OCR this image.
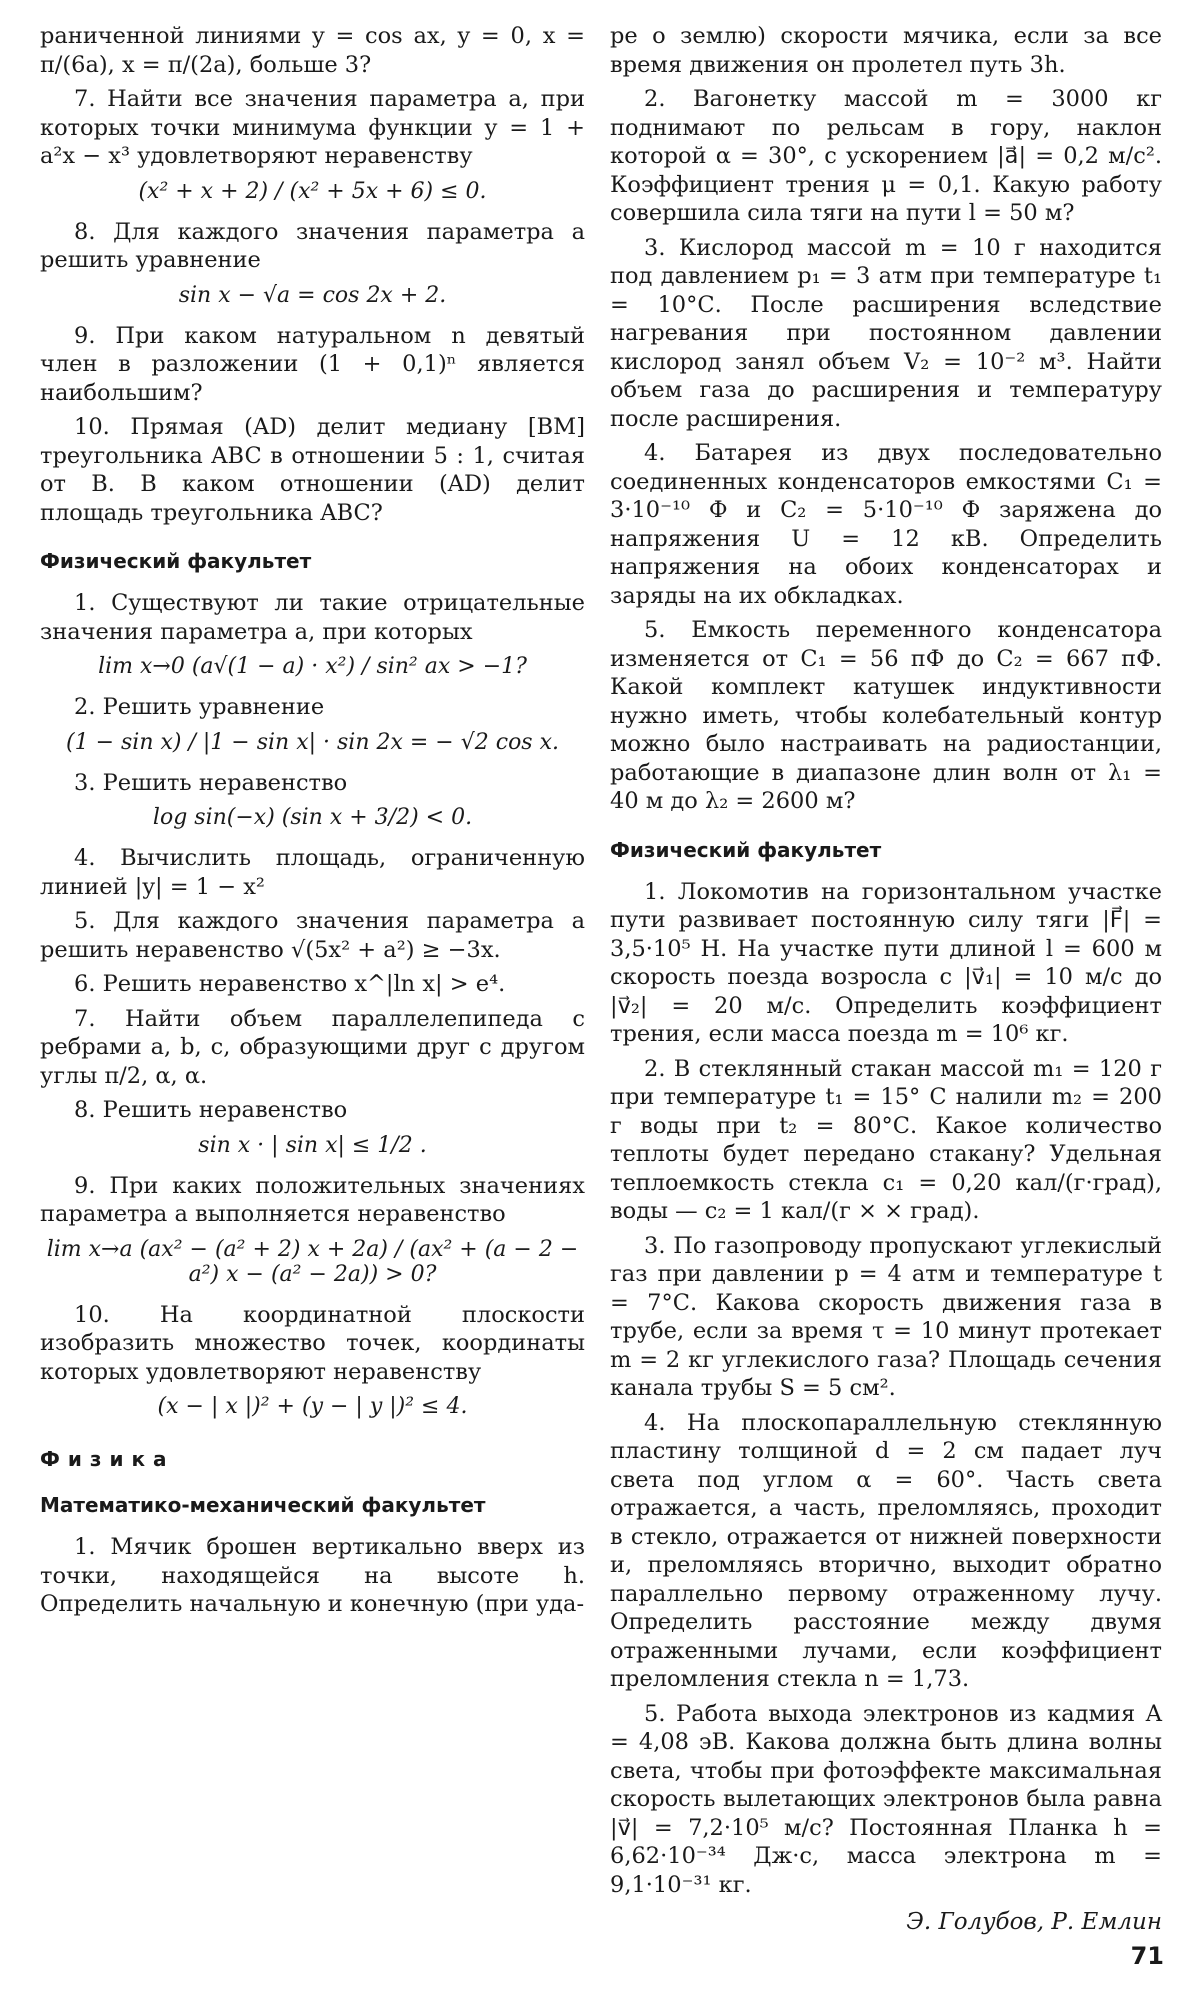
раниченной линиями y = cos ax, y = 0, x = π/(6a), x = π/(2a), больше 3?

7. Найти все значения параметра a, при которых точки минимума функции y = 1 + a²x − x³ удовлетворяют неравенству

(x² + x + 2) / (x² + 5x + 6) ≤ 0.

8. Для каждого значения параметра a решить уравнение

sin x − √a = cos 2x + 2.

9. При каком натуральном n девятый член в разложении (1 + 0,1)ⁿ является наибольшим?

10. Прямая (AD) делит медиану [BM] треугольника ABC в отношении 5 : 1, считая от B. В каком отношении (AD) делит площадь треугольника ABC?

Физический факультет

1. Существуют ли такие отрицательные значения параметра a, при которых

lim x→0 (a√(1 − a) · x²) / sin² ax > −1?

2. Решить уравнение

(1 − sin x) / |1 − sin x| · sin 2x = − √2 cos x.

3. Решить неравенство

log sin(−x) (sin x + 3/2) < 0.

4. Вычислить площадь, ограниченную линией |y| = 1 − x²

5. Для каждого значения параметра a решить неравенство √(5x² + a²) ≥ −3x.

6. Решить неравенство x^|ln x| > e⁴.

7. Найти объем параллелепипеда с ребрами a, b, c, образующими друг с другом углы π/2, α, α.

8. Решить неравенство

sin x · | sin x| ≤ 1/2 .

9. При каких положительных значениях параметра a выполняется неравенство

lim x→a (ax² − (a² + 2) x + 2a) / (ax² + (a − 2 − a²) x − (a² − 2a)) > 0?

10. На координатной плоскости изобразить множество точек, координаты которых удовлетворяют неравенству

(x − | x |)² + (y − | y |)² ≤ 4.
Физика
Математико-механический факультет

1. Мячик брошен вертикально вверх из точки, находящейся на высоте h. Определить начальную и конечную (при уда-

ре о землю) скорости мячика, если за все время движения он пролетел путь 3h.

2. Вагонетку массой m = 3000 кг поднимают по рельсам в гору, наклон которой α = 30°, с ускорением |a⃗| = 0,2 м/с². Коэффициент трения μ = 0,1. Какую работу совершила сила тяги на пути l = 50 м?

3. Кислород массой m = 10 г находится под давлением p₁ = 3 атм при температуре t₁ = 10°С. После расширения вследствие нагревания при постоянном давлении кислород занял объем V₂ = 10⁻² м³. Найти объем газа до расширения и температуру после расширения.

4. Батарея из двух последовательно соединенных конденсаторов емкостями C₁ = 3·10⁻¹⁰ Ф и C₂ = 5·10⁻¹⁰ Ф заряжена до напряжения U = 12 кВ. Определить напряжения на обоих конденсаторах и заряды на их обкладках.

5. Емкость переменного конденсатора изменяется от C₁ = 56 пФ до C₂ = 667 пФ. Какой комплект катушек индуктивности нужно иметь, чтобы колебательный контур можно было настраивать на радиостанции, работающие в диапазоне длин волн от λ₁ = 40 м до λ₂ = 2600 м?

Физический факультет

1. Локомотив на горизонтальном участке пути развивает постоянную силу тяги |F⃗| = 3,5·10⁵ Н. На участке пути длиной l = 600 м скорость поезда возросла с |v⃗₁| = 10 м/с до |v⃗₂| = 20 м/с. Определить коэффициент трения, если масса поезда m = 10⁶ кг.

2. В стеклянный стакан массой m₁ = 120 г при температуре t₁ = 15° С налили m₂ = 200 г воды при t₂ = 80°С. Какое количество теплоты будет передано стакану? Удельная теплоемкость стекла c₁ = 0,20 кал/(г·град), воды — c₂ = 1 кал/(г × × град).

3. По газопроводу пропускают углекислый газ при давлении p = 4 атм и температуре t = 7°С. Какова скорость движения газа в трубе, если за время τ = 10 минут протекает m = 2 кг углекислого газа? Площадь сечения канала трубы S = 5 см².

4. На плоскопараллельную стеклянную пластину толщиной d = 2 см падает луч света под углом α = 60°. Часть света отражается, а часть, преломляясь, проходит в стекло, отражается от нижней поверхности и, преломляясь вторично, выходит обратно параллельно первому отраженному лучу. Определить расстояние между двумя отраженными лучами, если коэффициент преломления стекла n = 1,73.

5. Работа выхода электронов из кадмия A = 4,08 эВ. Какова должна быть длина волны света, чтобы при фотоэффекте максимальная скорость вылетающих электронов была равна |v⃗| = 7,2·10⁵ м/с? Постоянная Планка h = 6,62·10⁻³⁴ Дж·с, масса электрона m = 9,1·10⁻³¹ кг.

Э. Голубов, Р. Емлин
71
